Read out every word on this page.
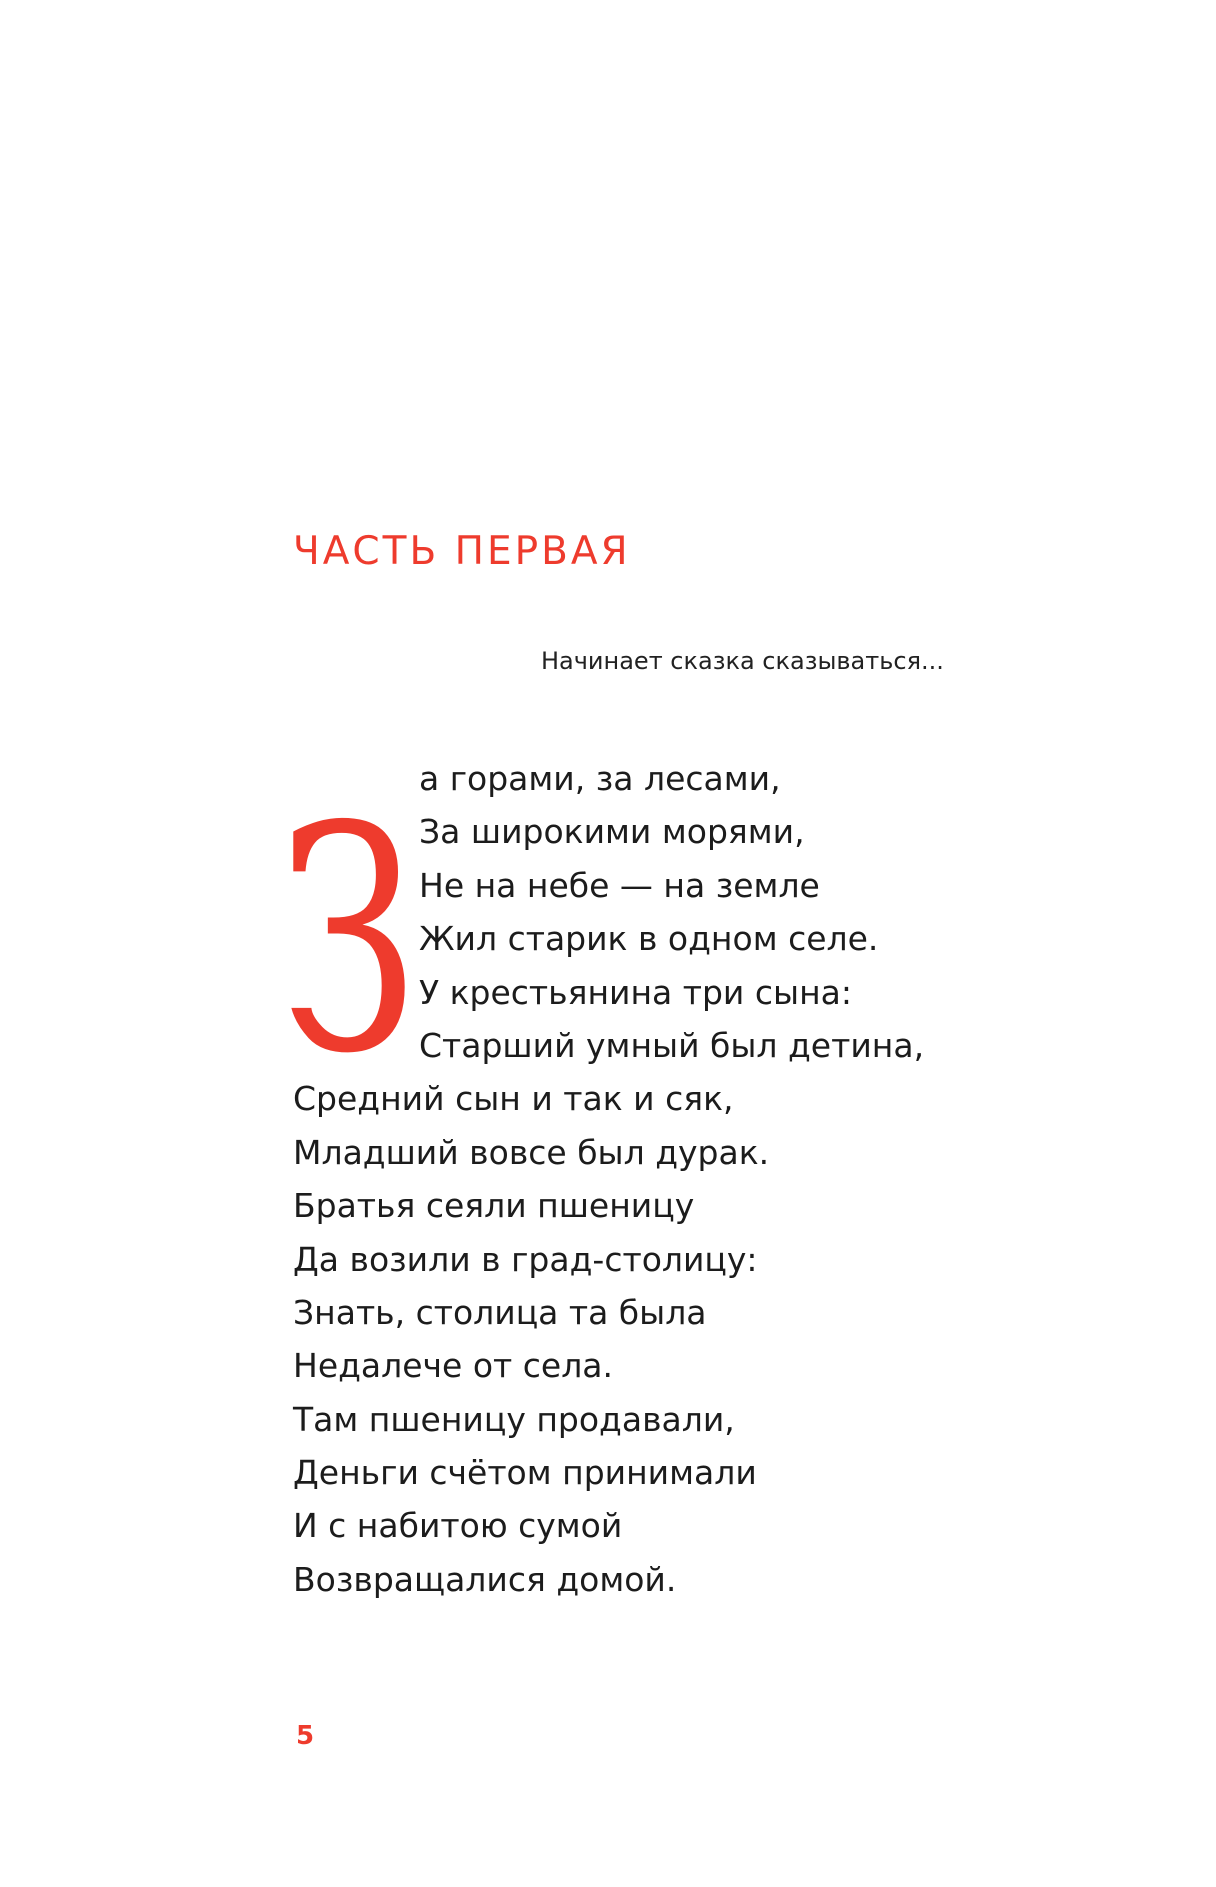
ЧАСТЬ ПЕРВАЯ
Начинает сказка сказываться...
З а горами, за лесами,
За широкими морями,
Не на небе — на земле
Жил старик в одном селе.
У крестьянина три сына:
Старший умный был детина,
Средний сын и так и сяк,
Младший вовсе был дурак.
Братья сеяли пшеницу
Да возили в град-столицу:
Знать, столица та была
Недалече от села.
Там пшеницу продавали,
Деньги счётом принимали
И с набитою сумой
Возвращалися домой.
5
